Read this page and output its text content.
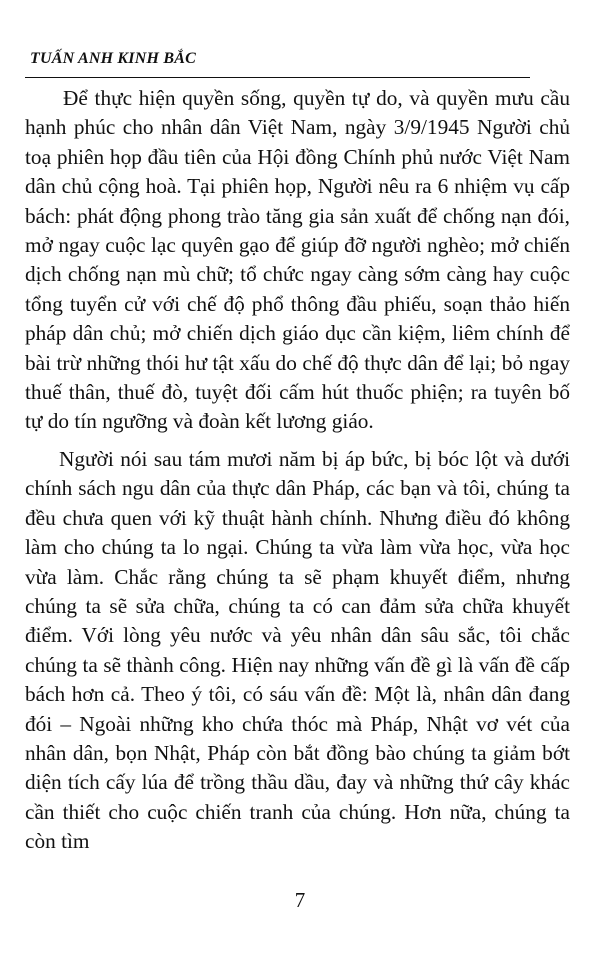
TUẤN ANH KINH BẮC

Để thực hiện quyền sống, quyền tự do, và quyền mưu cầu hạnh phúc cho nhân dân Việt Nam, ngày 3/9/1945 Người chủ toạ phiên họp đầu tiên của Hội đồng Chính phủ nước Việt Nam dân chủ cộng hoà. Tại phiên họp, Người nêu ra 6 nhiệm vụ cấp bách: phát động phong trào tăng gia sản xuất để chống nạn đói, mở ngay cuộc lạc quyên gạo để giúp đỡ người nghèo; mở chiến dịch chống nạn mù chữ; tổ chức ngay càng sớm càng hay cuộc tổng tuyển cử với chế độ phổ thông đầu phiếu, soạn thảo hiến pháp dân chủ; mở chiến dịch giáo dục cần kiệm, liêm chính để bài trừ những thói hư tật xấu do chế độ thực dân để lại; bỏ ngay thuế thân, thuế đò, tuyệt đối cấm hút thuốc phiện; ra tuyên bố tự do tín ngưỡng và đoàn kết lương giáo.

Người nói sau tám mươi năm bị áp bức, bị bóc lột và dưới chính sách ngu dân của thực dân Pháp, các bạn và tôi, chúng ta đều chưa quen với kỹ thuật hành chính. Nhưng điều đó không làm cho chúng ta lo ngại. Chúng ta vừa làm vừa học, vừa học vừa làm. Chắc rằng chúng ta sẽ phạm khuyết điểm, nhưng chúng ta sẽ sửa chữa, chúng ta có can đảm sửa chữa khuyết điểm. Với lòng yêu nước và yêu nhân dân sâu sắc, tôi chắc chúng ta sẽ thành công. Hiện nay những vấn đề gì là vấn đề cấp bách hơn cả. Theo ý tôi, có sáu vấn đề: Một là, nhân dân đang đói – Ngoài những kho chứa thóc mà Pháp, Nhật vơ vét của nhân dân, bọn Nhật, Pháp còn bắt đồng bào chúng ta giảm bớt diện tích cấy lúa để trồng thầu dầu, đay và những thứ cây khác cần thiết cho cuộc chiến tranh của chúng. Hơn nữa, chúng ta còn tìm

7
